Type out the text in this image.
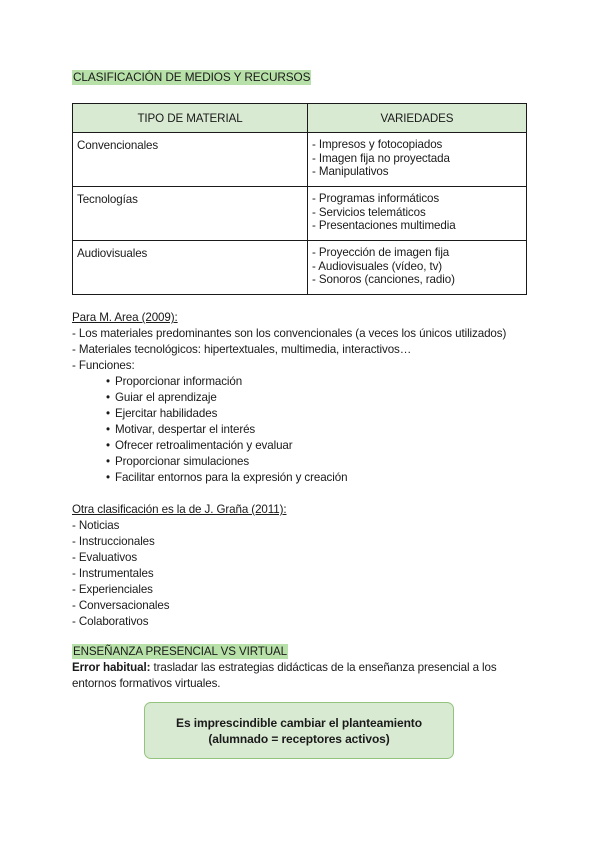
CLASIFICACIÓN DE MEDIOS Y RECURSOS
TIPO DE MATERIAL	VARIEDADES
Convencionales	- Impresos y fotocopiados
- Imagen fija no proyectada
- Manipulativos

Tecnologías	- Programas informáticos
- Servicios telemáticos
- Presentaciones multimedia

Audiovisuales	- Proyección de imagen fija
- Audiovisuales (vídeo, tv)
- Sonoros (canciones, radio)

Para M. Area (2009):

- Los materiales predominantes son los convencionales (a veces los únicos utilizados)

- Materiales tecnológicos: hipertextuales, multimedia, interactivos…

- Funciones:

• Proporcionar información
• Guiar el aprendizaje
• Ejercitar habilidades
• Motivar, despertar el interés
• Ofrecer retroalimentación y evaluar
• Proporcionar simulaciones
• Facilitar entornos para la expresión y creación

Otra clasificación es la de J. Graña (2011):

- Noticias
- Instruccionales
- Evaluativos
- Instrumentales
- Experienciales
- Conversacionales
- Colaborativos

ENSEÑANZA PRESENCIAL VS VIRTUAL

Error habitual: trasladar las estrategias didácticas de la enseñanza presencial a los entornos formativos virtuales.

Es imprescindible cambiar el planteamiento
(alumnado = receptores activos)
